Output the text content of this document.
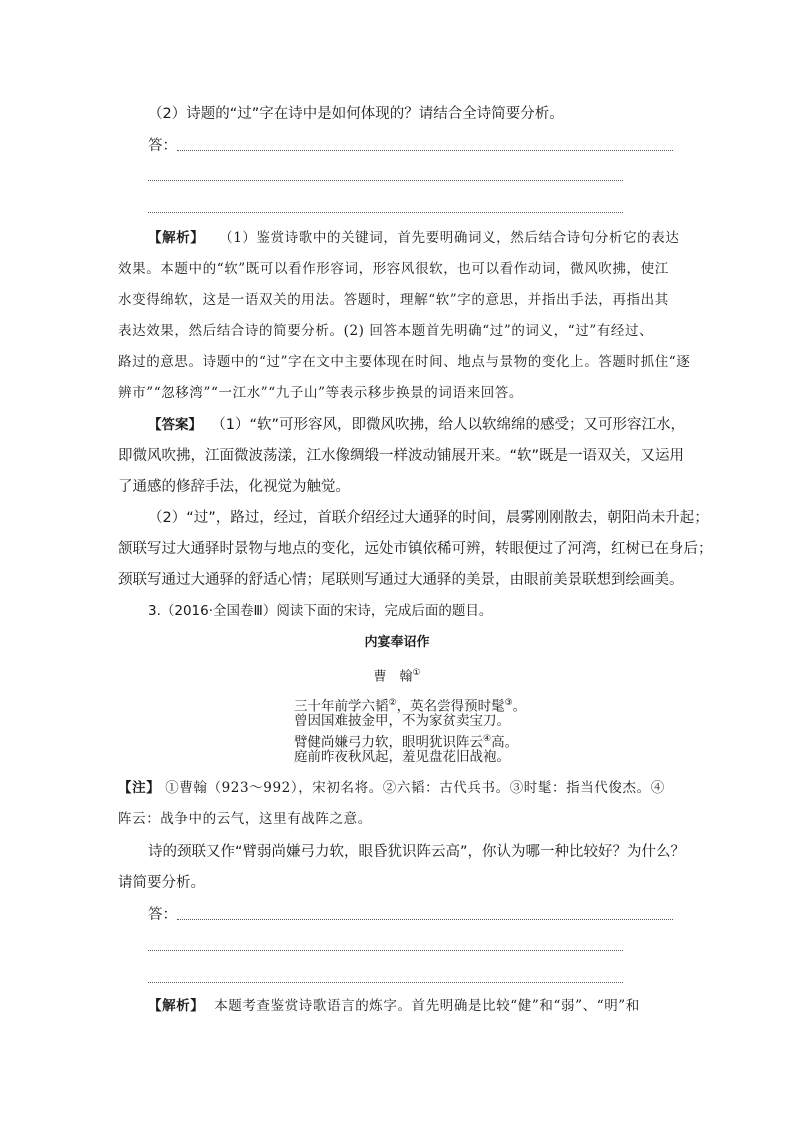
（2）诗题的“过”字在诗中是如何体现的？请结合全诗简要分析。
答：
【解析】 （1）鉴赏诗歌中的关键词，首先要明确词义，然后结合诗句分析它的表达
效果。本题中的“软”既可以看作形容词，形容风很软，也可以看作动词，微风吹拂，使江
水变得绵软，这是一语双关的用法。答题时，理解“软”字的意思，并指出手法，再指出其
表达效果，然后结合诗的简要分析。(2) 回答本题首先明确“过”的词义，“过”有经过、
路过的意思。诗题中的“过”字在文中主要体现在时间、地点与景物的变化上。答题时抓住“逐
辨市”“忽移湾”“一江水”“九子山”等表示移步换景的词语来回答。
【答案】 （1）“软”可形容风，即微风吹拂，给人以软绵绵的感受；又可形容江水，
即微风吹拂，江面微波荡漾，江水像绸缎一样波动铺展开来。“软”既是一语双关，又运用
了通感的修辞手法，化视觉为触觉。
（2）“过”，路过，经过，首联介绍经过大通驿的时间，晨雾刚刚散去，朝阳尚未升起；
颔联写过大通驿时景物与地点的变化，远处市镇依稀可辨，转眼便过了河湾，红树已在身后；
颈联写通过大通驿的舒适心情；尾联则写通过大通驿的美景，由眼前美景联想到绘画美。
3.（2016·全国卷Ⅲ）阅读下面的宋诗，完成后面的题目。
内宴奉诏作
曹　翰①
三十年前学六韬②，英名尝得预时髦③。
曾因国难披金甲，不为家贫卖宝刀。
臂健尚嫌弓力软，眼明犹识阵云④高。
庭前昨夜秋风起，羞见盘花旧战袍。
【注】 ①曹翰（923～992），宋初名将。②六韬：古代兵书。③时髦：指当代俊杰。④
阵云：战争中的云气，这里有战阵之意。
诗的颈联又作“臂弱尚嫌弓力软，眼昏犹识阵云高”，你认为哪一种比较好？为什么？
请简要分析。
答：
【解析】 本题考查鉴赏诗歌语言的炼字。首先明确是比较“健”和“弱”、“明”和
